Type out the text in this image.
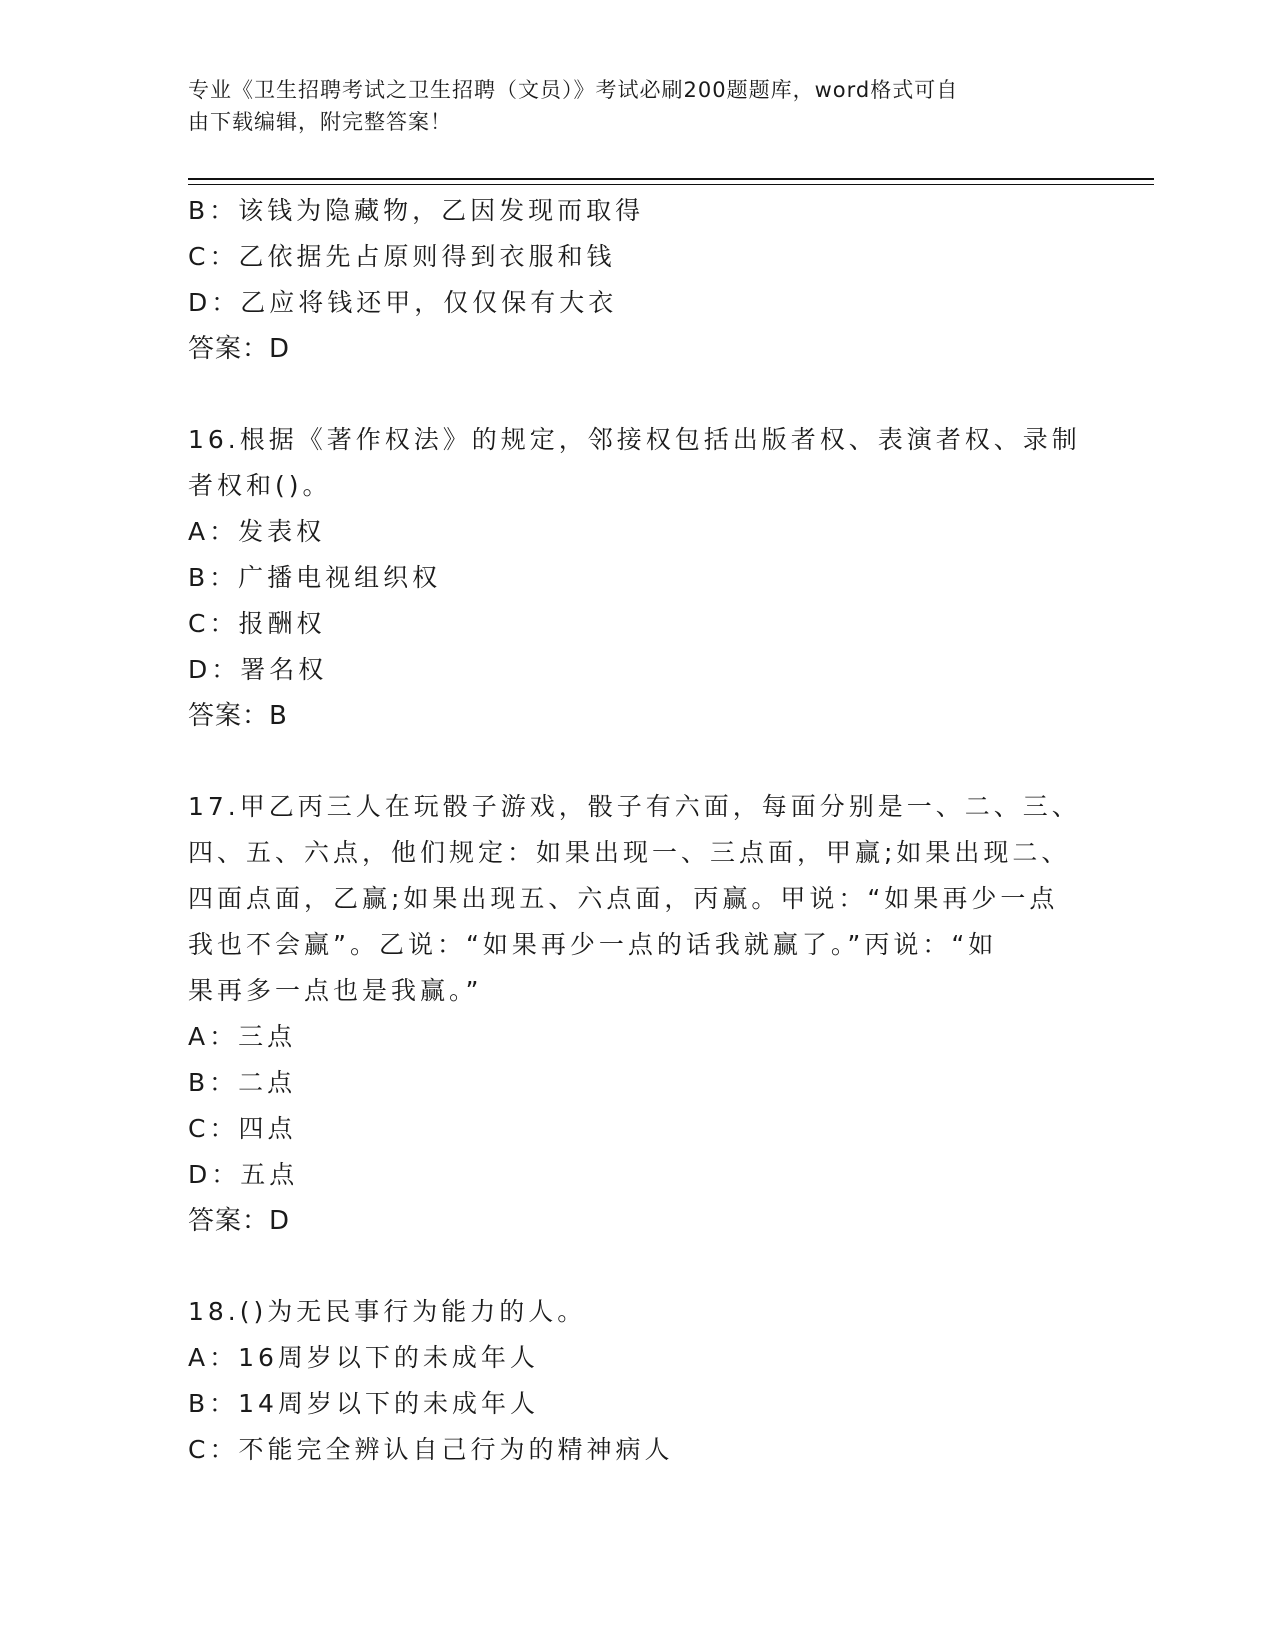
专业《卫生招聘考试之卫生招聘（文员）》考试必刷200题题库，word格式可自
由下载编辑，附完整答案！
B：该钱为隐藏物，乙因发现而取得
C：乙依据先占原则得到衣服和钱
D：乙应将钱还甲，仅仅保有大衣
答案：D
16.根据《著作权法》的规定，邻接权包括出版者权、表演者权、录制
者权和()。
A：发表权
B：广播电视组织权
C：报酬权
D：署名权
答案：B
17.甲乙丙三人在玩骰子游戏，骰子有六面，每面分别是一、二、三、
四、五、六点，他们规定：如果出现一、三点面，甲赢;如果出现二、
四面点面，乙赢;如果出现五、六点面，丙赢。甲说：“如果再少一点
我也不会赢”。乙说：“如果再少一点的话我就赢了。”丙说：“如
果再多一点也是我赢。”
A：三点
B：二点
C：四点
D：五点
答案：D
18.()为无民事行为能力的人。
A：16周岁以下的未成年人
B：14周岁以下的未成年人
C：不能完全辨认自己行为的精神病人
